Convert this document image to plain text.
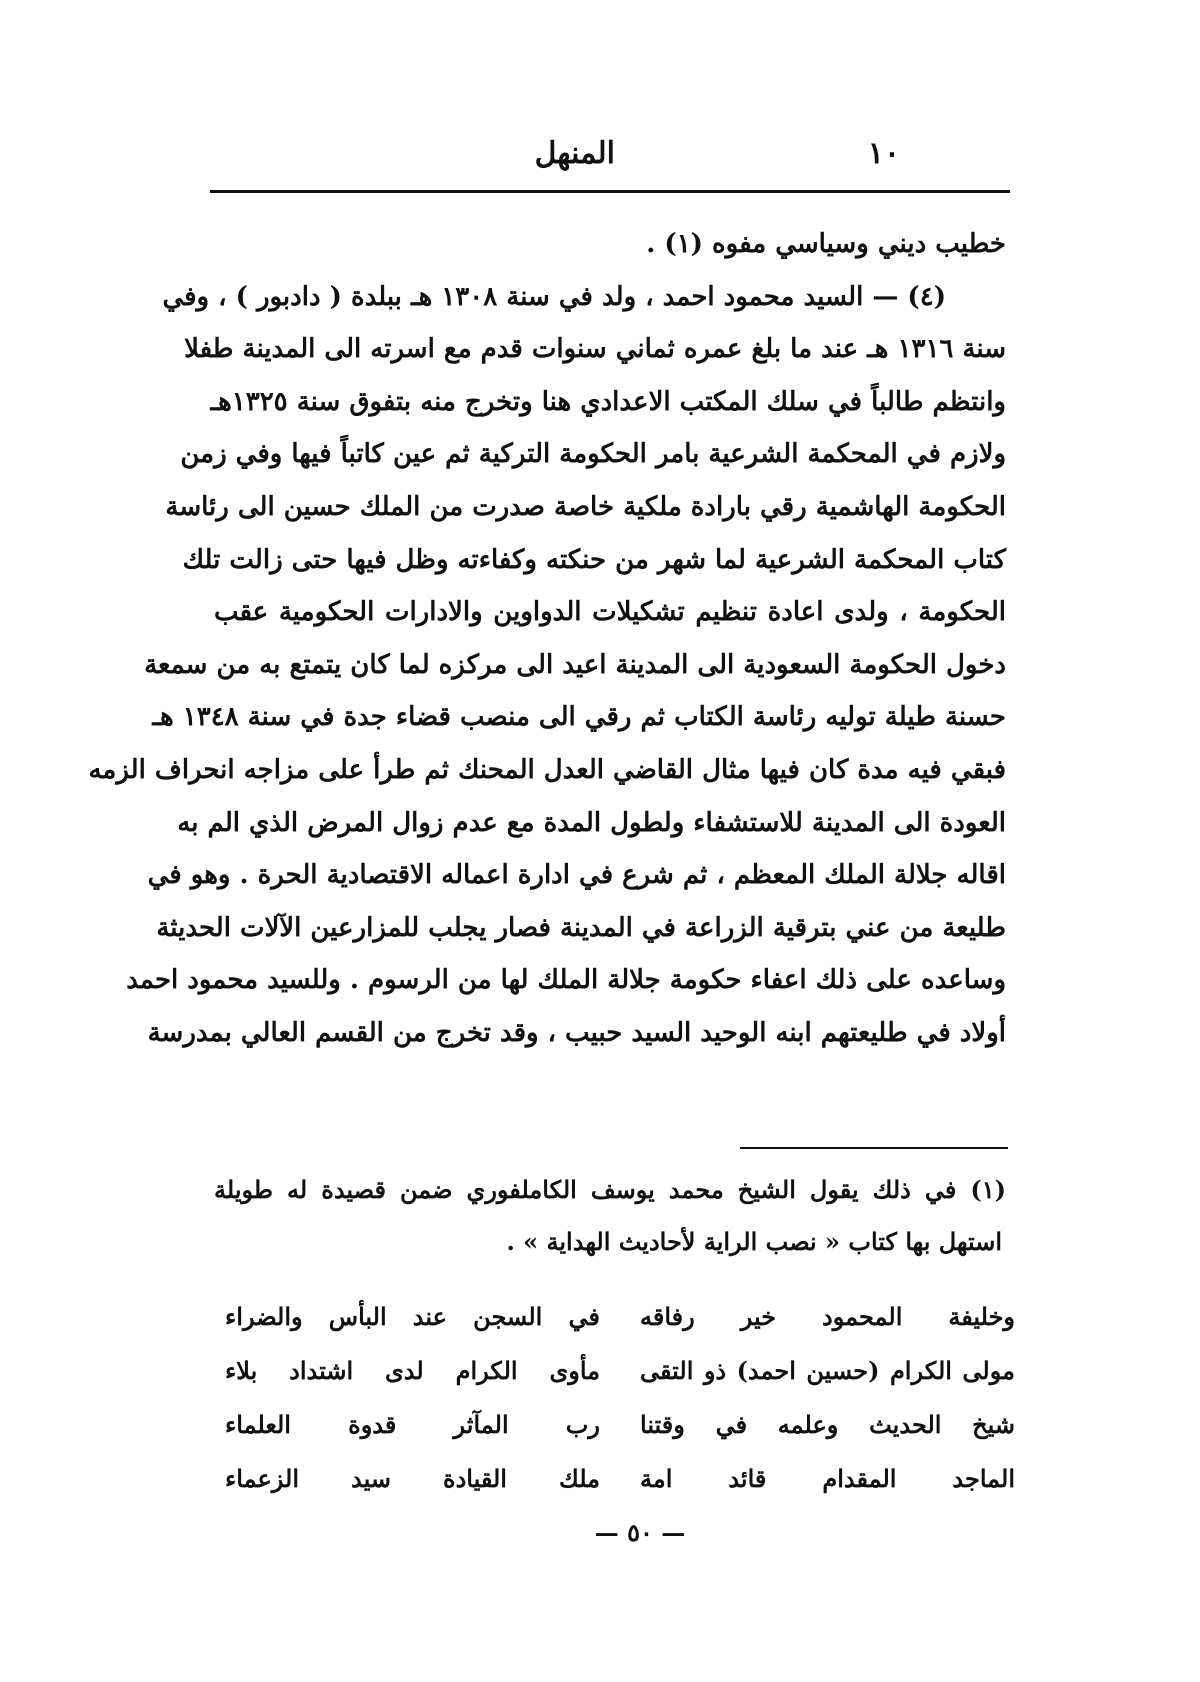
١٠
المنهل
خطيب ديني وسياسي مفوه (١) .
(٤) — السيد محمود احمد ، ولد في سنة ١٣٠٨ هـ ببلدة ( دادبور ) ، وفي
سنة ١٣١٦ هـ عند ما بلغ عمره ثماني سنوات قدم مع اسرته الى المدينة طفلا
وانتظم طالباً في سلك المكتب الاعدادي هنا وتخرج منه بتفوق سنة ١٣٢٥هـ
ولازم في المحكمة الشرعية بامر الحكومة التركية ثم عين كاتباً فيها وفي زمن
الحكومة الهاشمية رقي بارادة ملكية خاصة صدرت من الملك حسين الى رئاسة
كتاب المحكمة الشرعية لما شهر من حنكته وكفاءته وظل فيها حتى زالت تلك
الحكومة ، ولدى اعادة تنظيم تشكيلات الدواوين والادارات الحكومية عقب
دخول الحكومة السعودية الى المدينة اعيد الى مركزه لما كان يتمتع به من سمعة
حسنة طيلة توليه رئاسة الكتاب ثم رقي الى منصب قضاء جدة في سنة ١٣٤٨ هـ
فبقي فيه مدة كان فيها مثال القاضي العدل المحنك ثم طرأ على مزاجه انحراف الزمه
العودة الى المدينة للاستشفاء ولطول المدة مع عدم زوال المرض الذي الم به
اقاله جلالة الملك المعظم ، ثم شرع في ادارة اعماله الاقتصادية الحرة . وهو في
طليعة من عني بترقية الزراعة في المدينة فصار يجلب للمزارعين الآلات الحديثة
وساعده على ذلك اعفاء حكومة جلالة الملك لها من الرسوم . وللسيد محمود احمد
أولاد في طليعتهم ابنه الوحيد السيد حبيب ، وقد تخرج من القسم العالي بمدرسة
(١) في ذلك يقول الشيخ محمد يوسف الكاملفوري ضمن قصيدة له طويلة
استهل بها كتاب « نصب الراية لأحاديث الهداية » .
وخليفة المحمود خير رفاقه
في السجن عند البأس والضراء
مولى الكرام (حسين احمد) ذو التقى
مأوى الكرام لدى اشتداد بلاء
شيخ الحديث وعلمه في وقتنا
رب المآثر قدوة العلماء
الماجد المقدام قائد امة
ملك القيادة سيد الزعماء
— ٥٠ —
